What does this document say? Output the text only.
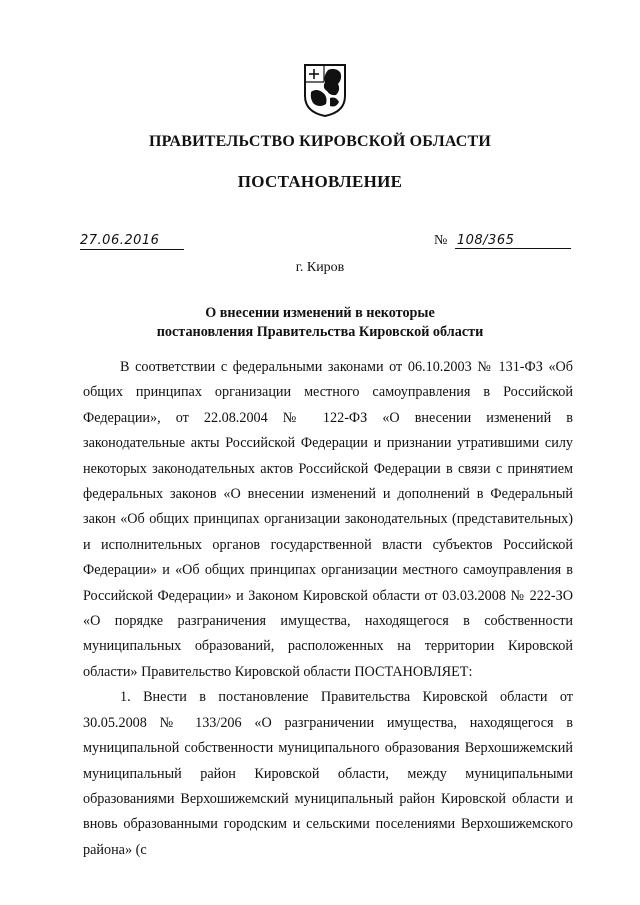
ПРАВИТЕЛЬСТВО КИРОВСКОЙ ОБЛАСТИ
ПОСТАНОВЛЕНИЕ
27.06.2016	№ 108/365
г. Киров
О внесении изменений в некоторые
постановления Правительства Кировской области

В соответствии с федеральными законами от 06.10.2003 № 131-ФЗ «Об общих принципах организации местного самоуправления в Российской Федерации», от 22.08.2004 № 122-ФЗ «О внесении изменений в законодательные акты Российской Федерации и признании утратившими силу некоторых законодательных актов Российской Федерации в связи с принятием федеральных законов «О внесении изменений и дополнений в Федеральный закон «Об общих принципах организации законодательных (представительных) и исполнительных органов государственной власти субъектов Российской Федерации» и «Об общих принципах организации местного самоуправления в Российской Федерации» и Законом Кировской области от 03.03.2008 № 222-ЗО «О порядке разграничения имущества, находящегося в собственности муниципальных образований, расположенных на территории Кировской области» Правительство Кировской области ПОСТАНОВЛЯЕТ:

1. Внести в постановление Правительства Кировской области от 30.05.2008 № 133/206 «О разграничении имущества, находящегося в муниципальной собственности муниципального образования Верхошижемский муниципальный район Кировской области, между муниципальными образованиями Верхошижемский муниципальный район Кировской области и вновь образованными городским и сельскими поселениями Верхошижемского района» (с
